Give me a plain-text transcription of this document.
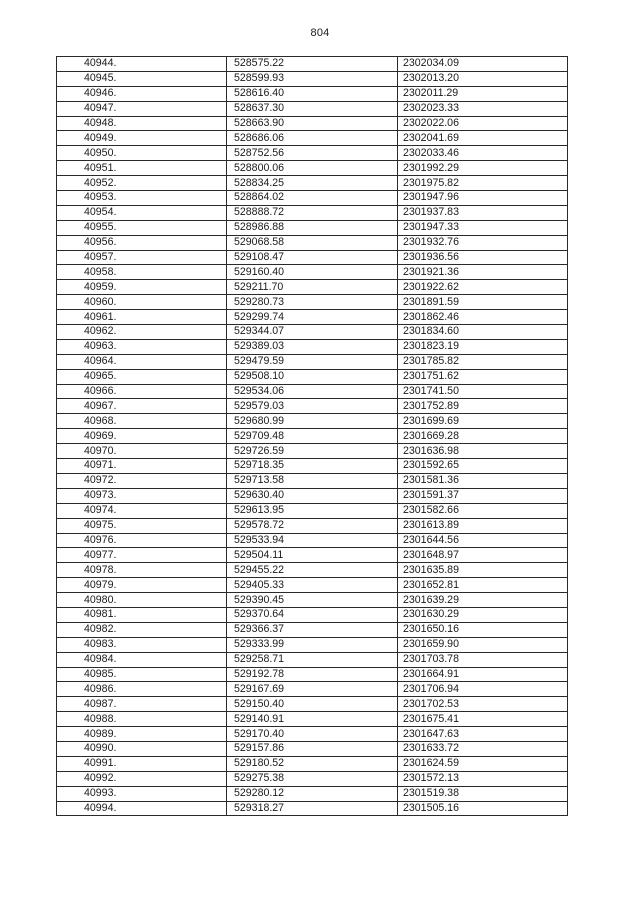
804
40944.	528575.22	2302034.09
40945.	528599.93	2302013.20
40946.	528616.40	2302011.29
40947.	528637.30	2302023.33
40948.	528663.90	2302022.06
40949.	528686.06	2302041.69
40950.	528752.56	2302033.46
40951.	528800.06	2301992.29
40952.	528834.25	2301975.82
40953.	528864.02	2301947.96
40954.	528888.72	2301937.83
40955.	528986.88	2301947.33
40956.	529068.58	2301932.76
40957.	529108.47	2301936.56
40958.	529160.40	2301921.36
40959.	529211.70	2301922.62
40960.	529280.73	2301891.59
40961.	529299.74	2301862.46
40962.	529344.07	2301834.60
40963.	529389.03	2301823.19
40964.	529479.59	2301785.82
40965.	529508.10	2301751.62
40966.	529534.06	2301741.50
40967.	529579.03	2301752.89
40968.	529680.99	2301699.69
40969.	529709.48	2301669.28
40970.	529726.59	2301636.98
40971.	529718.35	2301592.65
40972.	529713.58	2301581.36
40973.	529630.40	2301591.37
40974.	529613.95	2301582.66
40975.	529578.72	2301613.89
40976.	529533.94	2301644.56
40977.	529504.11	2301648.97
40978.	529455.22	2301635.89
40979.	529405.33	2301652.81
40980.	529390.45	2301639.29
40981.	529370.64	2301630.29
40982.	529366.37	2301650.16
40983.	529333.99	2301659.90
40984.	529258.71	2301703.78
40985.	529192.78	2301664.91
40986.	529167.69	2301706.94
40987.	529150.40	2301702.53
40988.	529140.91	2301675.41
40989.	529170.40	2301647.63
40990.	529157.86	2301633.72
40991.	529180.52	2301624.59
40992.	529275.38	2301572.13
40993.	529280.12	2301519.38
40994.	529318.27	2301505.16
